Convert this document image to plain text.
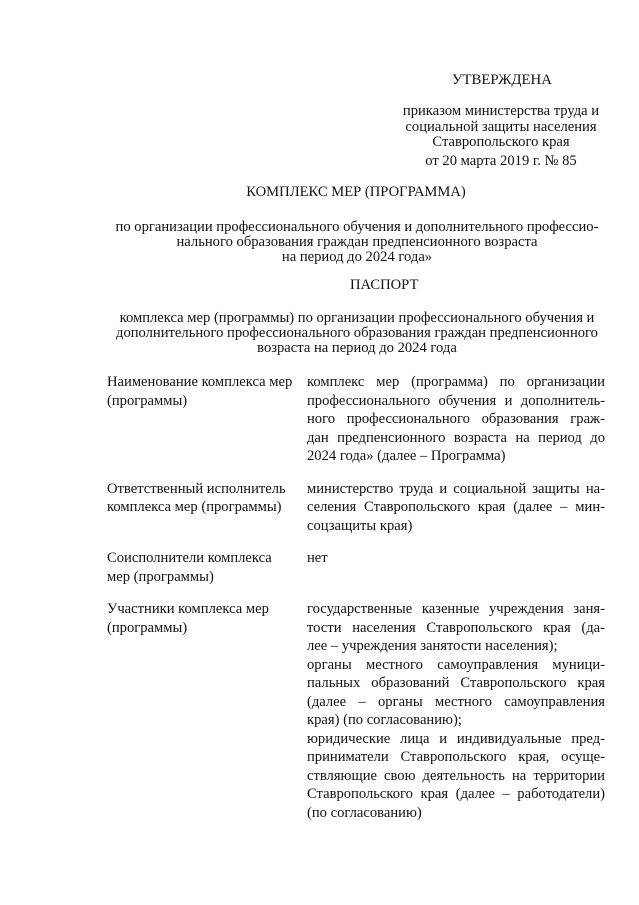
УТВЕРЖДЕНА
приказом министерства труда и
социальной защиты населения
Ставропольского края
от 20 марта 2019 г. № 85
КОМПЛЕКС МЕР (ПРОГРАММА)
по организации профессионального обучения и дополнительного профессио-
нального образования граждан предпенсионного возраста
на период до 2024 года»
ПАСПОРТ
комплекса мер (программы) по организации профессионального обучения и
дополнительного профессионального образования граждан предпенсионного
возраста на период до 2024 года
Наименование комплекса мер
(программы)
комплекс мер (программа) по организации
профессионального обучения и дополнитель-
ного профессионального образования граж-
дан предпенсионного возраста на период до
2024 года» (далее – Программа)
Ответственный исполнитель
комплекса мер (программы)
министерство труда и социальной защиты на-
селения Ставропольского края (далее – мин-
соцзащиты края)
Соисполнители комплекса
мер (программы)
нет
Участники комплекса мер
(программы)
государственные казенные учреждения заня-
тости населения Ставропольского края (да-
лее – учреждения занятости населения);
органы местного самоуправления муници-
пальных образований Ставропольского края
(далее – органы местного самоуправления
края) (по согласованию);
юридические лица и индивидуальные пред-
приниматели Ставропольского края, осуще-
ствляющие свою деятельность на территории
Ставропольского края (далее – работодатели)
(по согласованию)
